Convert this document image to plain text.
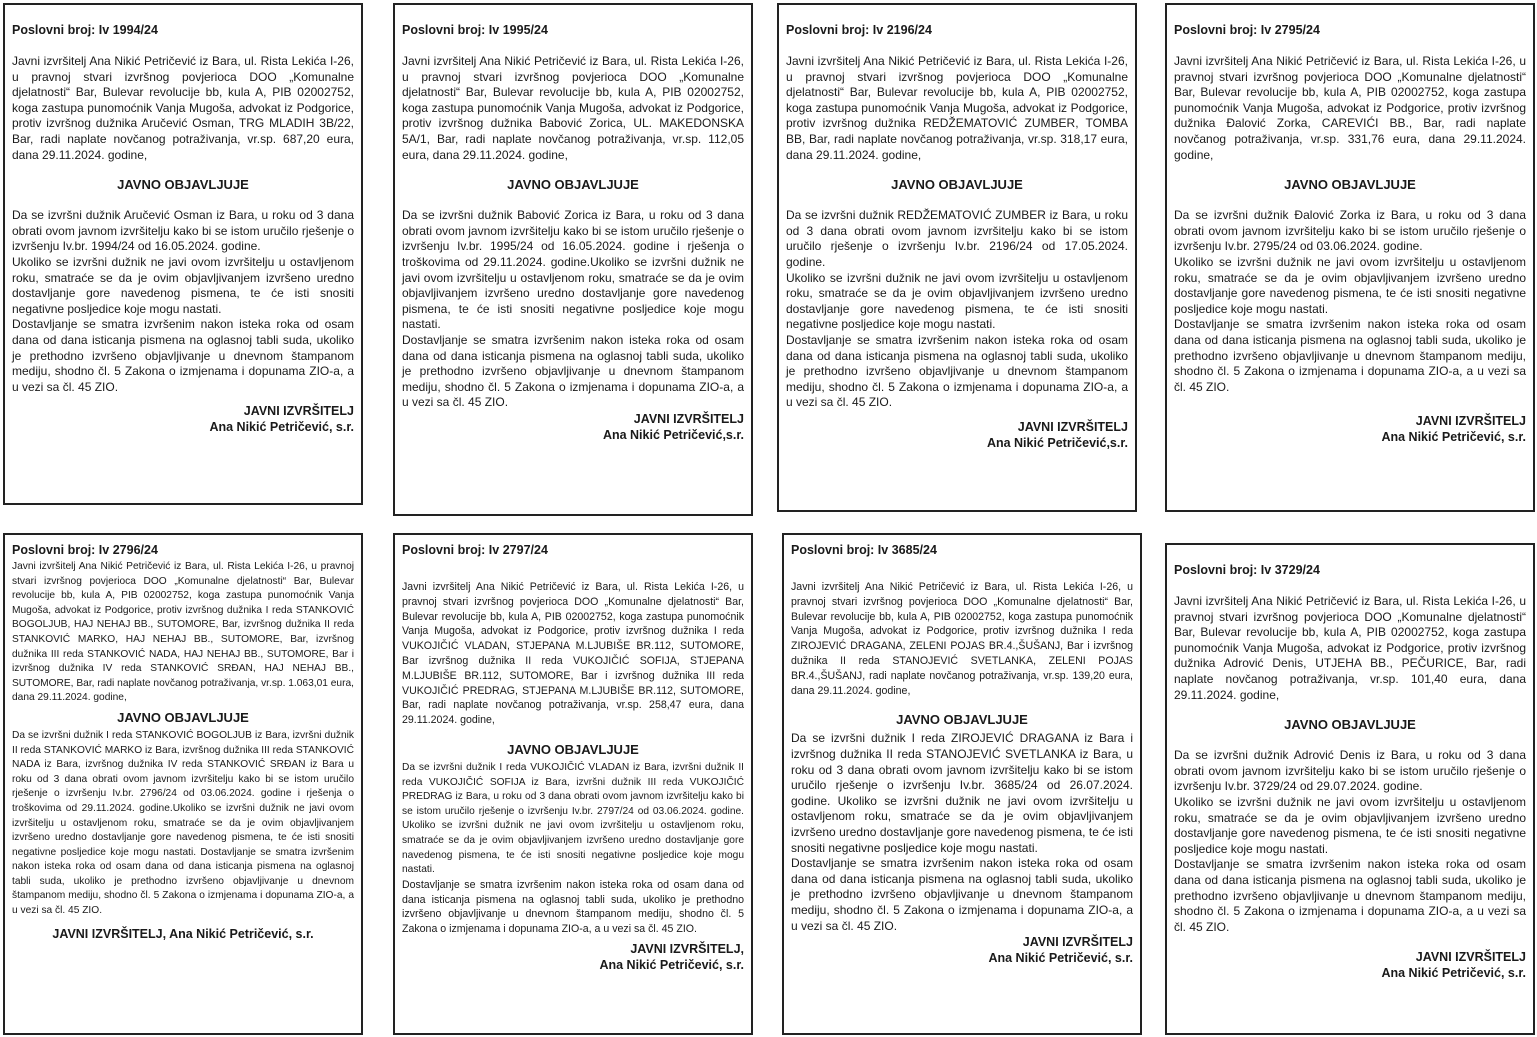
Poslovni broj: Iv 1994/24

Javni izvršitelj Ana Nikić Petričević iz Bara, ul. Rista Lekića I-26, u pravnoj stvari izvršnog povjerioca DOO „Komunalne djelatnosti“ Bar, Bulevar revolucije bb, kula A, PIB 02002752, koga zastupa punomoćnik Vanja Mugoša, advokat iz Podgorice, protiv izvršnog dužnika Aručević Osman, TRG MLADIH 3B/22, Bar, radi naplate novčanog potraživanja, vr.sp. 687,20 eura, dana 29.11.2024. godine,

JAVNO OBJAVLJUJE

Da se izvršni dužnik Aručević Osman iz Bara, u roku od 3 dana obrati ovom javnom izvršitelju kako bi se istom uručilo rješenje o izvršenju Iv.br. 1994/24 od 16.05.2024. godine.

Ukoliko se izvršni dužnik ne javi ovom izvršitelju u ostavljenom roku, smatraće se da je ovim objavljivanjem izvršeno uredno dostavljanje gore navedenog pismena, te će isti snositi negativne posljedice koje mogu nastati.

Dostavljanje se smatra izvršenim nakon isteka roka od osam dana od dana isticanja pismena na oglasnoj tabli suda, ukoliko je prethodno izvršeno objavljivanje u dnevnom štampanom mediju, shodno čl. 5 Zakona o izmjenama i dopunama ZIO-a, a u vezi sa čl. 45 ZIO.

JAVNI IZVRŠITELJ
Ana Nikić Petričević, s.r.
Poslovni broj: Iv 1995/24

Javni izvršitelj Ana Nikić Petričević iz Bara, ul. Rista Lekića I-26, u pravnoj stvari izvršnog povjerioca DOO „Komunalne djelatnosti“ Bar, Bulevar revolucije bb, kula A, PIB 02002752, koga zastupa punomoćnik Vanja Mugoša, advokat iz Podgorice, protiv izvršnog dužnika Babović Zorica, UL. MAKEDONSKA 5A/1, Bar, radi naplate novčanog potraživanja, vr.sp. 112,05 eura, dana 29.11.2024. godine,

JAVNO OBJAVLJUJE

Da se izvršni dužnik Babović Zorica iz Bara, u roku od 3 dana obrati ovom javnom izvršitelju kako bi se istom uručilo rješenje o izvršenju Iv.br. 1995/24 od 16.05.2024. godine i rješenja o troškovima od 29.11.2024. godine.Ukoliko se izvršni dužnik ne javi ovom izvršitelju u ostavljenom roku, smatraće se da je ovim objavljivanjem izvršeno uredno dostavljanje gore navedenog pismena, te će isti snositi negativne posljedice koje mogu nastati.

Dostavljanje se smatra izvršenim nakon isteka roka od osam dana od dana isticanja pismena na oglasnoj tabli suda, ukoliko je prethodno izvršeno objavljivanje u dnevnom štampanom mediju, shodno čl. 5 Zakona o izmjenama i dopunama ZIO-a, a u vezi sa čl. 45 ZIO.

JAVNI IZVRŠITELJ
Ana Nikić Petričević,s.r.
Poslovni broj: Iv 2196/24

Javni izvršitelj Ana Nikić Petričević iz Bara, ul. Rista Lekića I-26, u pravnoj stvari izvršnog povjerioca DOO „Komunalne djelatnosti“ Bar, Bulevar revolucije bb, kula A, PIB 02002752, koga zastupa punomoćnik Vanja Mugoša, advokat iz Podgorice, protiv izvršnog dužnika REDŽEMATOVIĆ ZUMBER, TOMBA BB, Bar, radi naplate novčanog potraživanja, vr.sp. 318,17 eura, dana 29.11.2024. godine,

JAVNO OBJAVLJUJE

Da se izvršni dužnik REDŽEMATOVIĆ ZUMBER iz Bara, u roku od 3 dana obrati ovom javnom izvršitelju kako bi se istom uručilo rješenje o izvršenju Iv.br. 2196/24 od 17.05.2024. godine.

Ukoliko se izvršni dužnik ne javi ovom izvršitelju u ostavljenom roku, smatraće se da je ovim objavljivanjem izvršeno uredno dostavljanje gore navedenog pismena, te će isti snositi negativne posljedice koje mogu nastati.

Dostavljanje se smatra izvršenim nakon isteka roka od osam dana od dana isticanja pismena na oglasnoj tabli suda, ukoliko je prethodno izvršeno objavljivanje u dnevnom štampanom mediju, shodno čl. 5 Zakona o izmjenama i dopunama ZIO-a, a u vezi sa čl. 45 ZIO.

JAVNI IZVRŠITELJ
Ana Nikić Petričević,s.r.
Poslovni broj: Iv 2795/24

Javni izvršitelj Ana Nikić Petričević iz Bara, ul. Rista Lekića I-26, u pravnoj stvari izvršnog povjerioca DOO „Komunalne djelatnosti“ Bar, Bulevar revolucije bb, kula A, PIB 02002752, koga zastupa punomoćnik Vanja Mugoša, advokat iz Podgorice, protiv izvršnog dužnika Đalović Zorka, CAREVIĆI BB., Bar, radi naplate novčanog potraživanja, vr.sp. 331,76 eura, dana 29.11.2024. godine,

JAVNO OBJAVLJUJE

Da se izvršni dužnik Đalović Zorka iz Bara, u roku od 3 dana obrati ovom javnom izvršitelju kako bi se istom uručilo rješenje o izvršenju Iv.br. 2795/24 od 03.06.2024. godine.

Ukoliko se izvršni dužnik ne javi ovom izvršitelju u ostavljenom roku, smatraće se da je ovim objavljivanjem izvršeno uredno dostavljanje gore navedenog pismena, te će isti snositi negativne posljedice koje mogu nastati.

Dostavljanje se smatra izvršenim nakon isteka roka od osam dana od dana isticanja pismena na oglasnoj tabli suda, ukoliko je prethodno izvršeno objavljivanje u dnevnom štampanom mediju, shodno čl. 5 Zakona o izmjenama i dopunama ZIO-a, a u vezi sa čl. 45 ZIO.

JAVNI IZVRŠITELJ
Ana Nikić Petričević, s.r.
Poslovni broj: Iv 2796/24

Javni izvršitelj Ana Nikić Petričević iz Bara, ul. Rista Lekića I-26, u pravnoj stvari izvršnog povjerioca DOO „Komunalne djelatnosti“ Bar, Bulevar revolucije bb, kula A, PIB 02002752, koga zastupa punomoćnik Vanja Mugoša, advokat iz Podgorice, protiv izvršnog dužnika I reda STANKOVIĆ BOGOLJUB, HAJ NEHAJ BB., SUTOMORE, Bar, izvršnog dužnika II reda STANKOVIĆ MARKO, HAJ NEHAJ BB., SUTOMORE, Bar, izvršnog dužnika III reda STANKOVIĆ NADA, HAJ NEHAJ BB., SUTOMORE, Bar i izvršnog dužnika IV reda STANKOVIĆ SRĐAN, HAJ NEHAJ BB., SUTOMORE, Bar, radi naplate novčanog potraživanja, vr.sp. 1.063,01 eura, dana 29.11.2024. godine,

JAVNO OBJAVLJUJE

Da se izvršni dužnik I reda STANKOVIĆ BOGOLJUB iz Bara, izvršni dužnik II reda STANKOVIĆ MARKO iz Bara, izvršnog dužnika III reda STANKOVIĆ NADA iz Bara, izvršnog dužnika IV reda STANKOVIĆ SRĐAN iz Bara u roku od 3 dana obrati ovom javnom izvršitelju kako bi se istom uručilo rješenje o izvršenju Iv.br. 2796/24 od 03.06.2024. godine i rješenja o troškovima od 29.11.2024. godine.Ukoliko se izvršni dužnik ne javi ovom izvršitelju u ostavljenom roku, smatraće se da je ovim objavljivanjem izvršeno uredno dostavljanje gore navedenog pismena, te će isti snositi negativne posljedice koje mogu nastati. Dostavljanje se smatra izvršenim nakon isteka roka od osam dana od dana isticanja pismena na oglasnoj tabli suda, ukoliko je prethodno izvršeno objavljivanje u dnevnom štampanom mediju, shodno čl. 5 Zakona o izmjenama i dopunama ZIO-a, a u vezi sa čl. 45 ZIO.

JAVNI IZVRŠITELJ, Ana Nikić Petričević, s.r.
Poslovni broj: Iv 2797/24

Javni izvršitelj Ana Nikić Petričević iz Bara, ul. Rista Lekića I-26, u pravnoj stvari izvršnog povjerioca DOO „Komunalne djelatnosti“ Bar, Bulevar revolucije bb, kula A, PIB 02002752, koga zastupa punomoćnik Vanja Mugoša, advokat iz Podgorice, protiv izvršnog dužnika I reda VUKOJIČIĆ VLADAN, STJEPANA M.LJUBIŠE BR.112, SUTOMORE, Bar izvršnog dužnika II reda VUKOJIČIĆ SOFIJA, STJEPANA M.LJUBIŠE BR.112, SUTOMORE, Bar i izvršnog dužnika III reda VUKOJIČIĆ PREDRAG, STJEPANA M.LJUBIŠE BR.112, SUTOMORE, Bar, radi naplate novčanog potraživanja, vr.sp. 258,47 eura, dana 29.11.2024. godine,

JAVNO OBJAVLJUJE

Da se izvršni dužnik I reda VUKOJIČIĆ VLADAN iz Bara, izvršni dužnik II reda VUKOJIČIĆ SOFIJA iz Bara, izvršni dužnik III reda VUKOJIČIĆ PREDRAG iz Bara, u roku od 3 dana obrati ovom javnom izvršitelju kako bi se istom uručilo rješenje o izvršenju Iv.br. 2797/24 od 03.06.2024. godine. Ukoliko se izvršni dužnik ne javi ovom izvršitelju u ostavljenom roku, smatraće se da je ovim objavljivanjem izvršeno uredno dostavljanje gore navedenog pismena, te će isti snositi negativne posljedice koje mogu nastati.

Dostavljanje se smatra izvršenim nakon isteka roka od osam dana od dana isticanja pismena na oglasnoj tabli suda, ukoliko je prethodno izvršeno objavljivanje u dnevnom štampanom mediju, shodno čl. 5 Zakona o izmjenama i dopunama ZIO-a, a u vezi sa čl. 45 ZIO.

JAVNI IZVRŠITELJ,
Ana Nikić Petričević, s.r.
Poslovni broj: Iv 3685/24

Javni izvršitelj Ana Nikić Petričević iz Bara, ul. Rista Lekića I-26, u pravnoj stvari izvršnog povjerioca DOO „Komunalne djelatnosti“ Bar, Bulevar revolucije bb, kula A, PIB 02002752, koga zastupa punomoćnik Vanja Mugoša, advokat iz Podgorice, protiv izvršnog dužnika I reda ZIROJEVIĆ DRAGANA, ZELENI POJAS BR.4.,ŠUŠANJ, Bar i izvršnog dužnika II reda STANOJEVIĆ SVETLANKA, ZELENI POJAS BR.4.,ŠUŠANJ, radi naplate novčanog potraživanja, vr.sp. 139,20 eura, dana 29.11.2024. godine,

JAVNO OBJAVLJUJE

Da se izvršni dužnik I reda ZIROJEVIĆ DRAGANA iz Bara i izvršnog dužnika II reda STANOJEVIĆ SVETLANKA iz Bara, u roku od 3 dana obrati ovom javnom izvršitelju kako bi se istom uručilo rješenje o izvršenju Iv.br. 3685/24 od 26.07.2024. godine. Ukoliko se izvršni dužnik ne javi ovom izvršitelju u ostavljenom roku, smatraće se da je ovim objavljivanjem izvršeno uredno dostavljanje gore navedenog pismena, te će isti snositi negativne posljedice koje mogu nastati.

Dostavljanje se smatra izvršenim nakon isteka roka od osam dana od dana isticanja pismena na oglasnoj tabli suda, ukoliko je prethodno izvršeno objavljivanje u dnevnom štampanom mediju, shodno čl. 5 Zakona o izmjenama i dopunama ZIO-a, a u vezi sa čl. 45 ZIO.

JAVNI IZVRŠITELJ
Ana Nikić Petričević, s.r.
Poslovni broj: Iv 3729/24

Javni izvršitelj Ana Nikić Petričević iz Bara, ul. Rista Lekića I-26, u pravnoj stvari izvršnog povjerioca DOO „Komunalne djelatnosti“ Bar, Bulevar revolucije bb, kula A, PIB 02002752, koga zastupa punomoćnik Vanja Mugoša, advokat iz Podgorice, protiv izvršnog dužnika Adrović Denis, UTJEHA BB., PEČURICE, Bar, radi naplate novčanog potraživanja, vr.sp. 101,40 eura, dana 29.11.2024. godine,

JAVNO OBJAVLJUJE

Da se izvršni dužnik Adrović Denis iz Bara, u roku od 3 dana obrati ovom javnom izvršitelju kako bi se istom uručilo rješenje o izvršenju Iv.br. 3729/24 od 29.07.2024. godine.

Ukoliko se izvršni dužnik ne javi ovom izvršitelju u ostavljenom roku, smatraće se da je ovim objavljivanjem izvršeno uredno dostavljanje gore navedenog pismena, te će isti snositi negativne posljedice koje mogu nastati.

Dostavljanje se smatra izvršenim nakon isteka roka od osam dana od dana isticanja pismena na oglasnoj tabli suda, ukoliko je prethodno izvršeno objavljivanje u dnevnom štampanom mediju, shodno čl. 5 Zakona o izmjenama i dopunama ZIO-a, a u vezi sa čl. 45 ZIO.

JAVNI IZVRŠITELJ
Ana Nikić Petričević, s.r.
